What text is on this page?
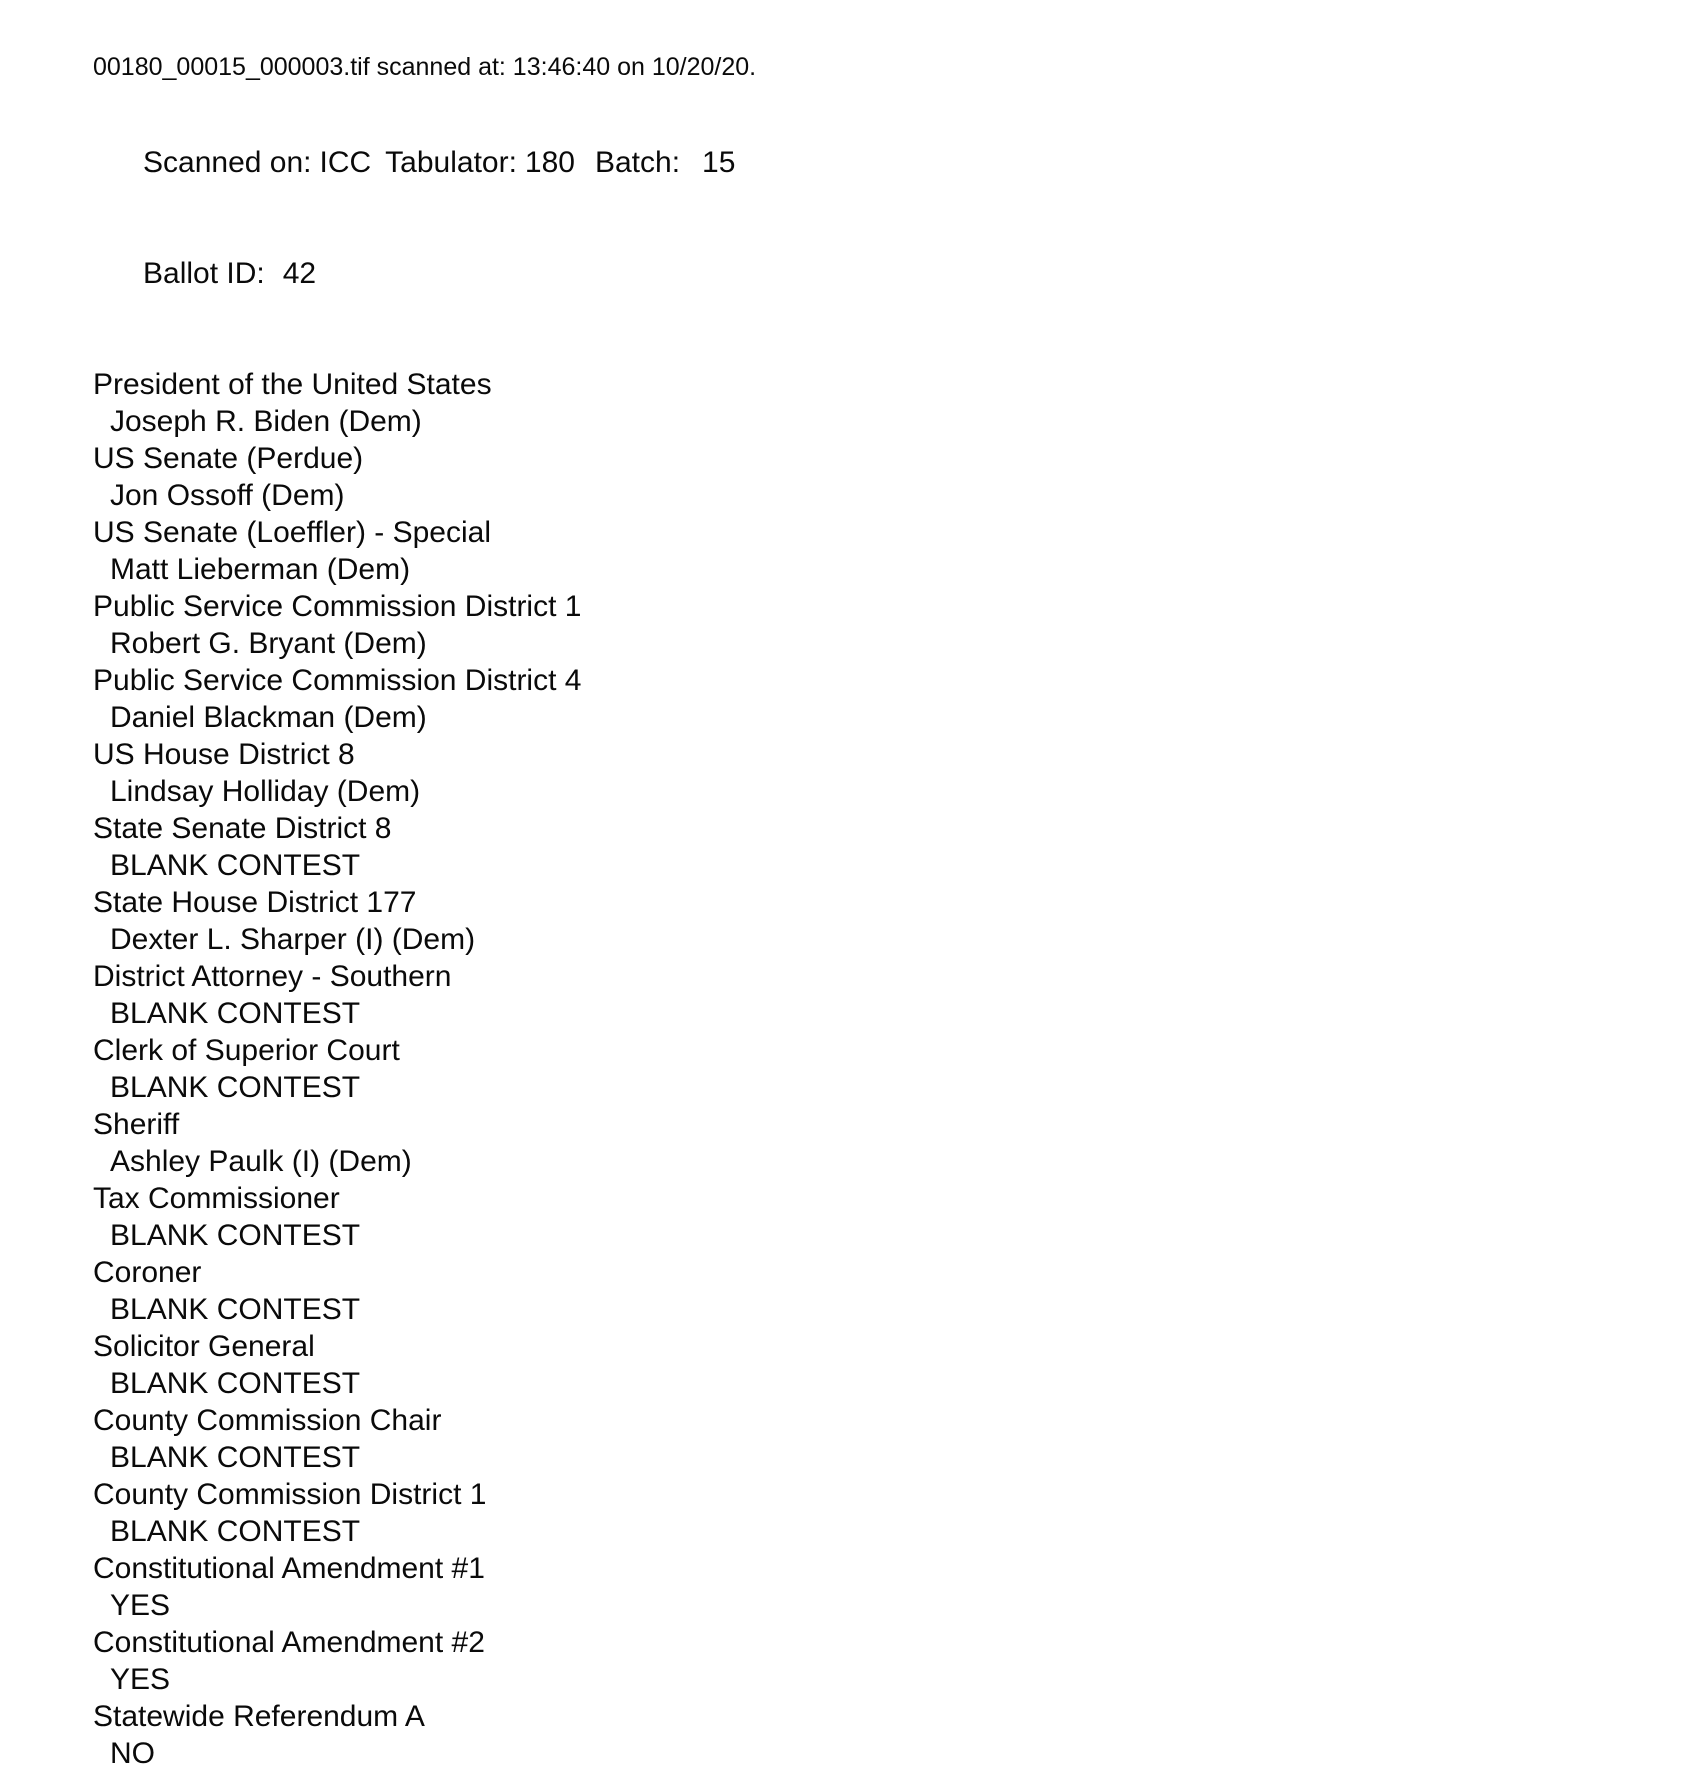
00180_00015_000003.tif scanned at: 13:46:40 on 10/20/20.

Scanned on: ICC Tabulator: 180 Batch: 15

Ballot ID: 42

President of the United States
Joseph R. Biden (Dem)
US Senate (Perdue)
Jon Ossoff (Dem)
US Senate (Loeffler) - Special
Matt Lieberman (Dem)
Public Service Commission District 1
Robert G. Bryant (Dem)
Public Service Commission District 4
Daniel Blackman (Dem)
US House District 8
Lindsay Holliday (Dem)
State Senate District 8
BLANK CONTEST
State House District 177
Dexter L. Sharper (I) (Dem)
District Attorney - Southern
BLANK CONTEST
Clerk of Superior Court
BLANK CONTEST
Sheriff
Ashley Paulk (I) (Dem)
Tax Commissioner
BLANK CONTEST
Coroner
BLANK CONTEST
Solicitor General
BLANK CONTEST
County Commission Chair
BLANK CONTEST
County Commission District 1
BLANK CONTEST
Constitutional Amendment #1
YES
Constitutional Amendment #2
YES
Statewide Referendum A
NO
